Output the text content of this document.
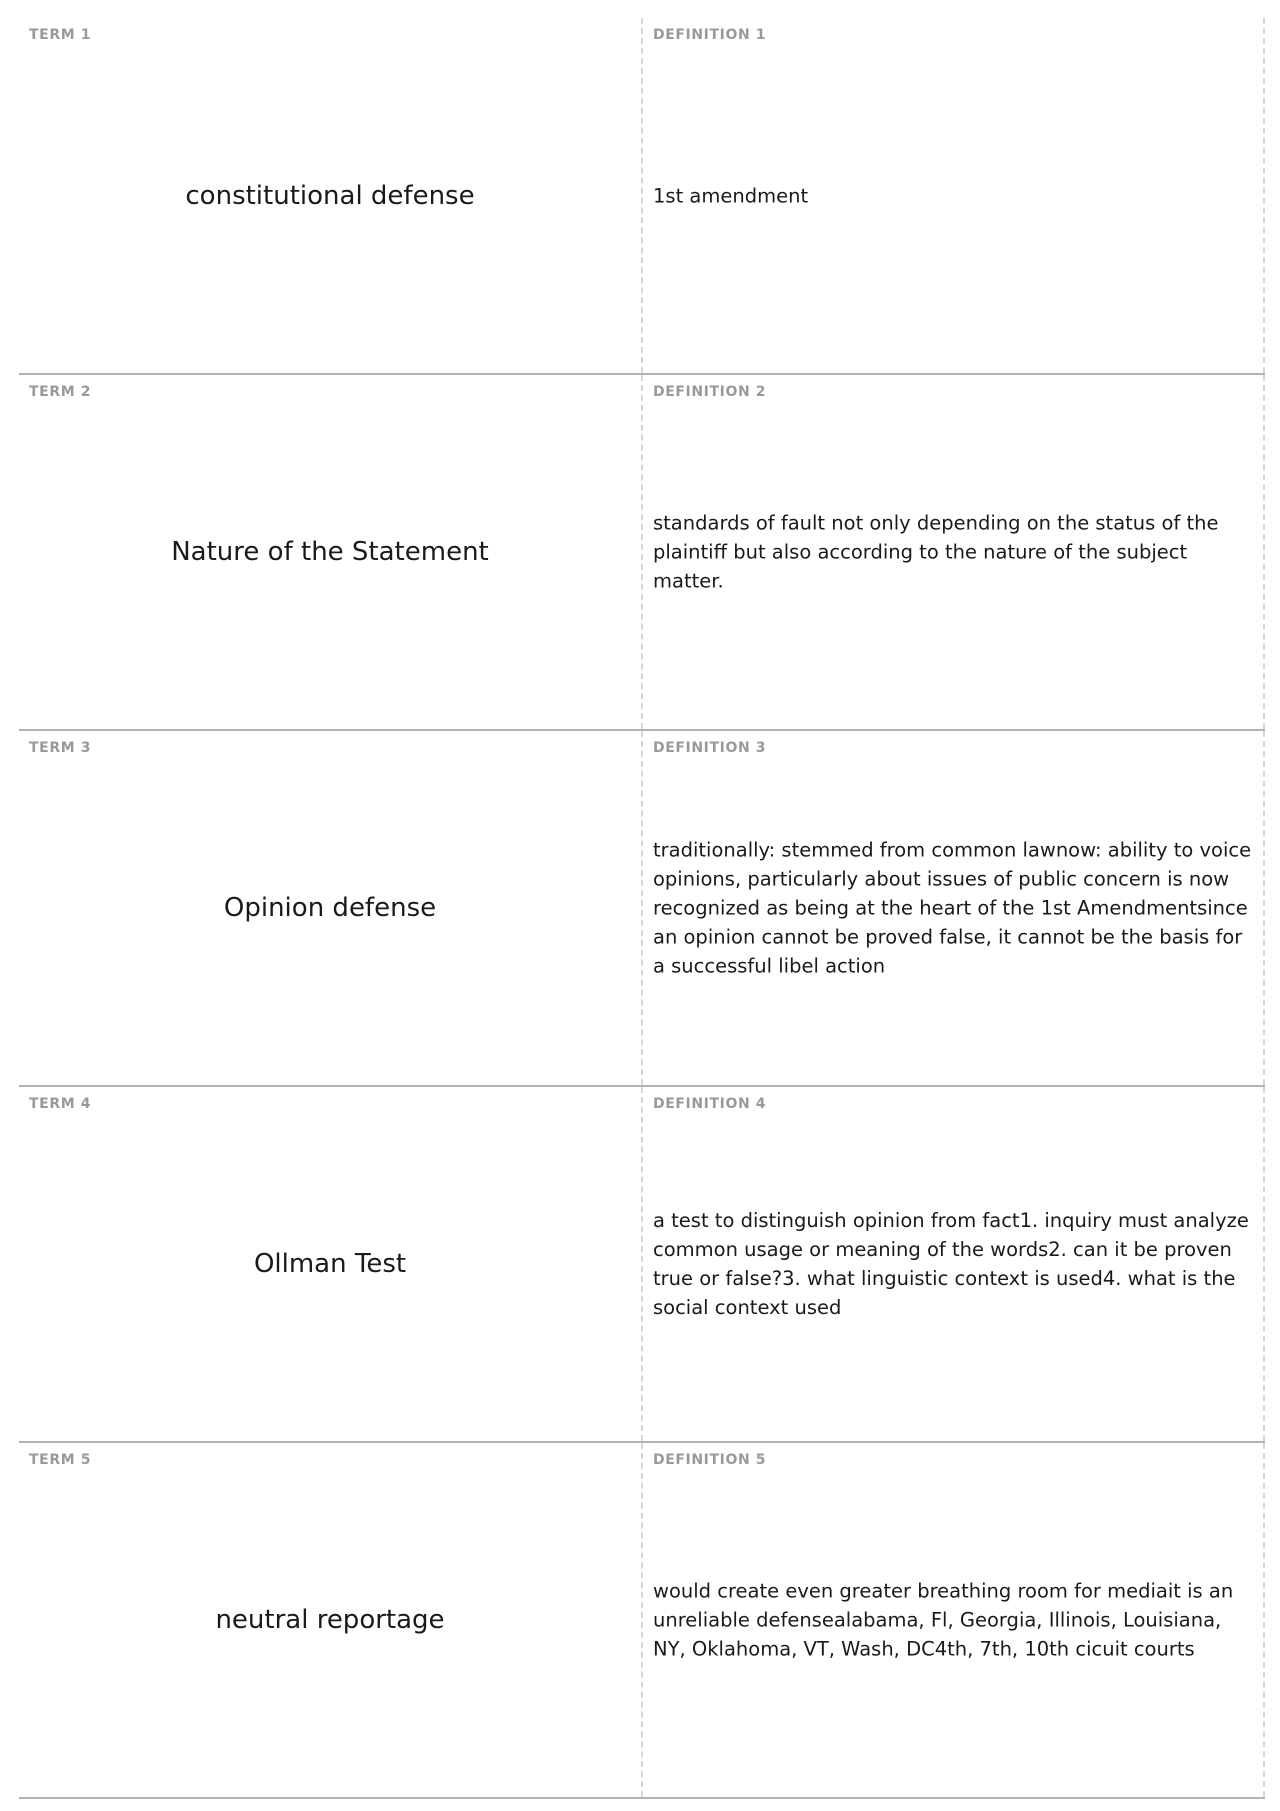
TERM 1
constitutional defense
DEFINITION 1
1st amendment
TERM 2
Nature of the Statement
DEFINITION 2
standards of fault not only depending on the status of the plaintiff but also according to the nature of the subject matter.
TERM 3
Opinion defense
DEFINITION 3
traditionally: stemmed from common lawnow: ability to voice opinions, particularly about issues of public concern is now recognized as being at the heart of the 1st Amendmentsince an opinion cannot be proved false, it cannot be the basis for a successful libel action
TERM 4
Ollman Test
DEFINITION 4
a test to distinguish opinion from fact1. inquiry must analyze common usage or meaning of the words2. can it be proven true or false?3. what linguistic context is used4. what is the social context used
TERM 5
neutral reportage
DEFINITION 5
would create even greater breathing room for mediait is an unreliable defensealabama, Fl, Georgia, Illinois, Louisiana, NY, Oklahoma, VT, Wash, DC4th, 7th, 10th cicuit courts
